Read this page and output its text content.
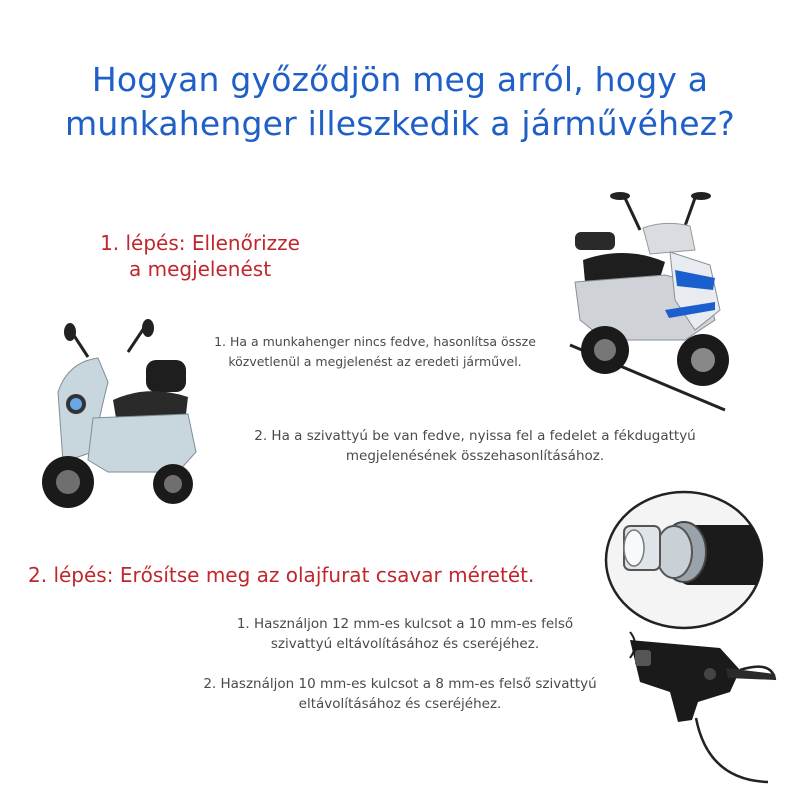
Hogyan győződjön meg arról, hogy a
munkahenger illeszkedik a járművéhez?
1. lépés: Ellenőrizze
a megjelenést
1. Ha a munkahenger nincs fedve, hasonlítsa össze
közvetlenül a megjelenést az eredeti járművel.
2. Ha a szivattyú be van fedve, nyissa fel a fedelet a fékdugattyú
megjelenésének összehasonlításához.
2. lépés: Erősítse meg az olajfurat csavar méretét.
1. Használjon 12 mm-es kulcsot a 10 mm-es felső
szivattyú eltávolításához és cseréjéhez.
2. Használjon 10 mm-es kulcsot a 8 mm-es felső szivattyú
eltávolításához és cseréjéhez.
